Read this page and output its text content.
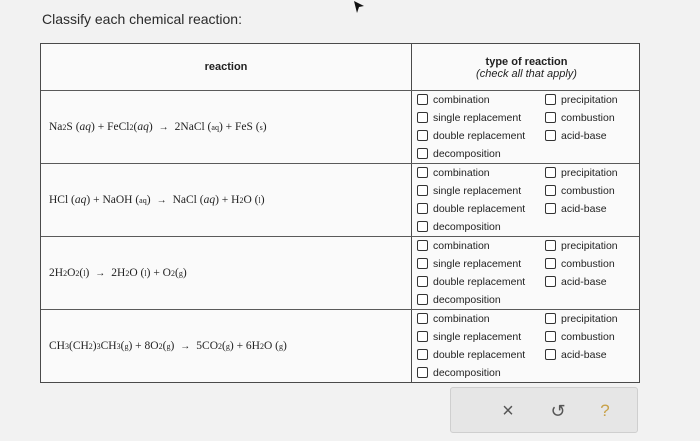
Classify each chemical reaction:
reaction	type of reaction
(check all that apply)
Na 2 S ( aq ) + FeCl 2 ( aq ) → 2NaCl ( aq ) + FeS ( s )
combination
single replacement
double replacement
decomposition
precipitation
combustion
acid-base
HCl ( aq ) + NaOH ( aq ) → NaCl ( aq ) + H 2 O ( l )
combination
single replacement
double replacement
decomposition
precipitation
combustion
acid-base
2H 2 O 2 ( l ) → 2H 2 O ( l ) + O 2 ( g )
combination
single replacement
double replacement
decomposition
precipitation
combustion
acid-base
CH 3 (CH 2 ) 3 CH 3 ( g ) + 8O 2 ( g ) → 5CO 2 ( g ) + 6H 2 O ( g )
combination
single replacement
double replacement
decomposition
precipitation
combustion
acid-base
× ↺ ?
